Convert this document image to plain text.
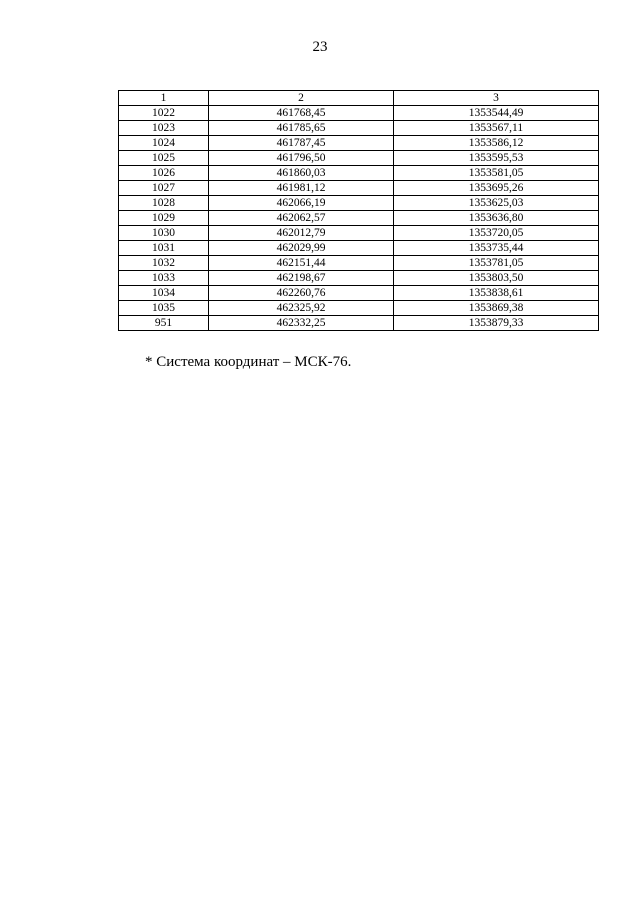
23
1	2	3
1022	461768,45	1353544,49
1023	461785,65	1353567,11
1024	461787,45	1353586,12
1025	461796,50	1353595,53
1026	461860,03	1353581,05
1027	461981,12	1353695,26
1028	462066,19	1353625,03
1029	462062,57	1353636,80
1030	462012,79	1353720,05
1031	462029,99	1353735,44
1032	462151,44	1353781,05
1033	462198,67	1353803,50
1034	462260,76	1353838,61
1035	462325,92	1353869,38
951	462332,25	1353879,33
* Система координат – МСК-76.
